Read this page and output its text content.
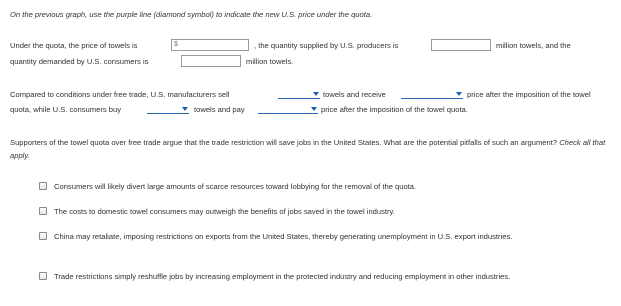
On the previous graph, use the purple line (diamond symbol) to indicate the new U.S. price under the quota.
Under the quota, the price of towels is	$	, the quantity supplied by U.S. producers is	million towels, and the
quantity demanded by U.S. consumers is	million towels.
Compared to conditions under free trade, U.S. manufacturers sell	towels and receive	price after the imposition of the towel
quota, while U.S. consumers buy	towels and pay	price after the imposition of the towel quota.
Supporters of the towel quota over free trade argue that the trade restriction will save jobs in the United States. What are the potential pitfalls of such an argument? Check all that apply.
Consumers will likely divert large amounts of scarce resources toward lobbying for the removal of the quota.
The costs to domestic towel consumers may outweigh the benefits of jobs saved in the towel industry.
China may retaliate, imposing restrictions on exports from the United States, thereby generating unemployment in U.S. export industries.
Trade restrictions simply reshuffle jobs by increasing employment in the protected industry and reducing employment in other industries.
